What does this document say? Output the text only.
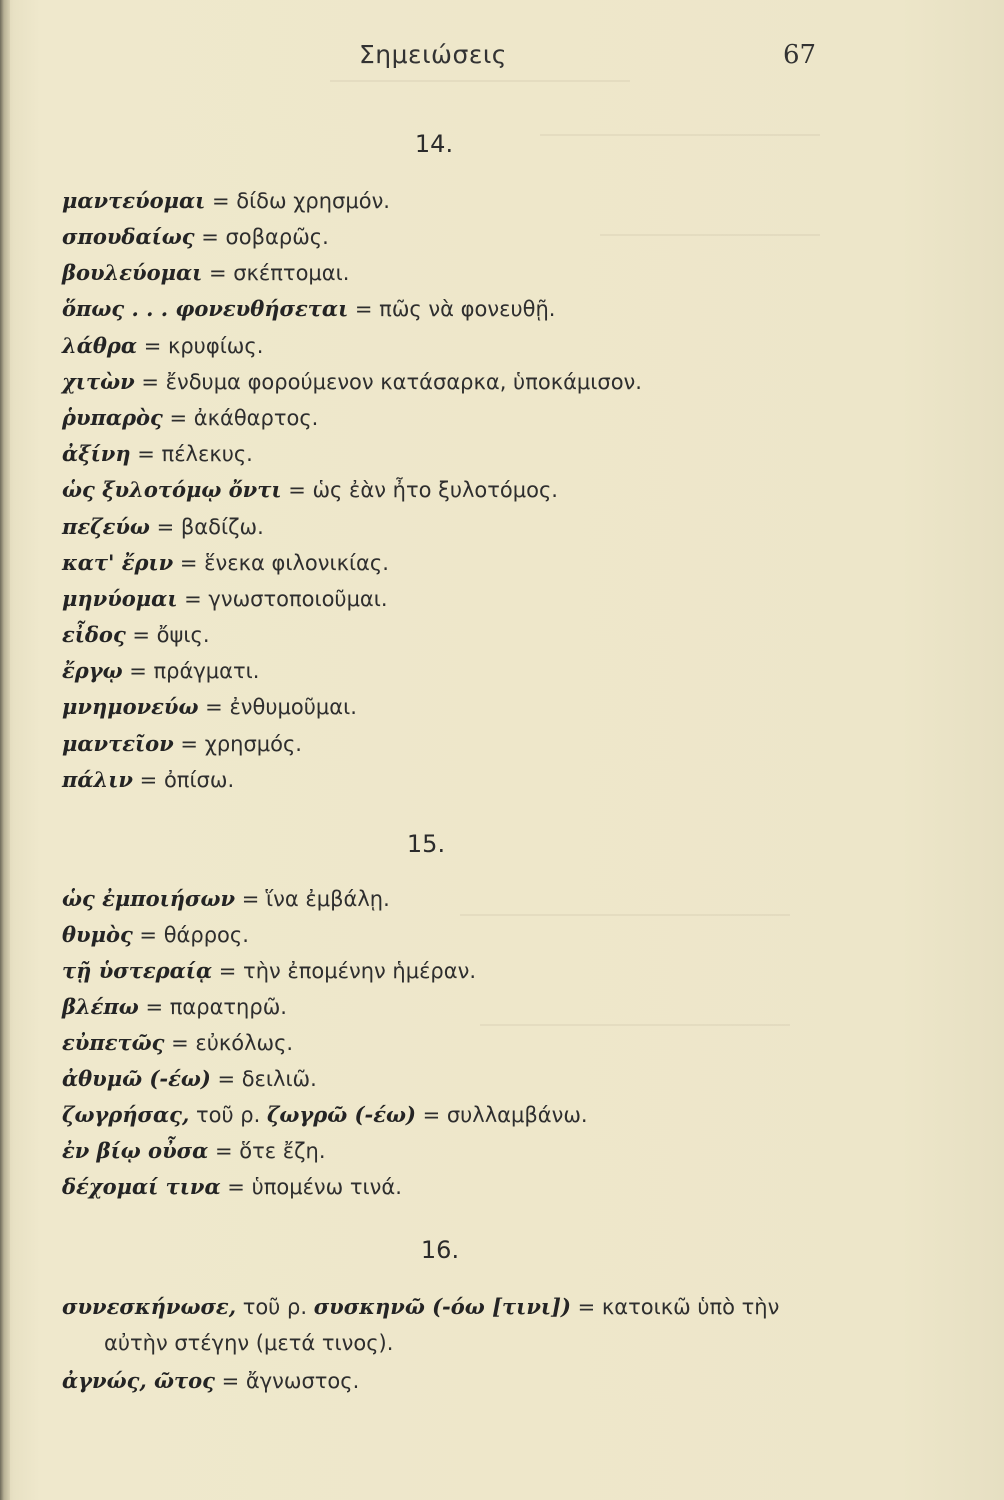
Σημειώσεις	67
14.
μαντεύομαι = δίδω χρησμόν.
σπουδαίως = σοβαρῶς.
βουλεύομαι = σκέπτομαι.
ὅπως . . . φονευθήσεται = πῶς νὰ φονευθῇ.
λάθρα = κρυφίως.
χιτὼν = ἔνδυμα φορούμενον κατάσαρκα, ὑποκάμισον.
ῥυπαρὸς = ἀκάθαρτος.
ἀξίνη = πέλεκυς.
ὡς ξυλοτόμῳ ὄντι = ὡς ἐὰν ἦτο ξυλοτόμος.
πεζεύω = βαδίζω.
κατ' ἔριν = ἕνεκα φιλονικίας.
μηνύομαι = γνωστοποιοῦμαι.
εἶδος = ὄψις.
ἔργῳ = πράγματι.
μνημονεύω = ἐνθυμοῦμαι.
μαντεῖον = χρησμός.
πάλιν = ὀπίσω.
15.
ὡς ἐμποιήσων = ἵνα ἐμβάλῃ.
θυμὸς = θάρρος.
τῇ ὑστεραίᾳ = τὴν ἐπομένην ἡμέραν.
βλέπω = παρατηρῶ.
εὐπετῶς = εὐκόλως.
ἀθυμῶ (-έω) = δειλιῶ.
ζωγρήσας, τοῦ ρ. ζωγρῶ (-έω) = συλλαμβάνω.
ἐν βίῳ οὖσα = ὅτε ἔζη.
δέχομαί τινα = ὑπομένω τινά.
16.
συνεσκήνωσε, τοῦ ρ. συσκηνῶ (-όω [τινι]) = κατοικῶ ὑπὸ τὴν
αὐτὴν στέγην (μετά τινος).
ἀγνώς, ῶτος = ἄγνωστος.
